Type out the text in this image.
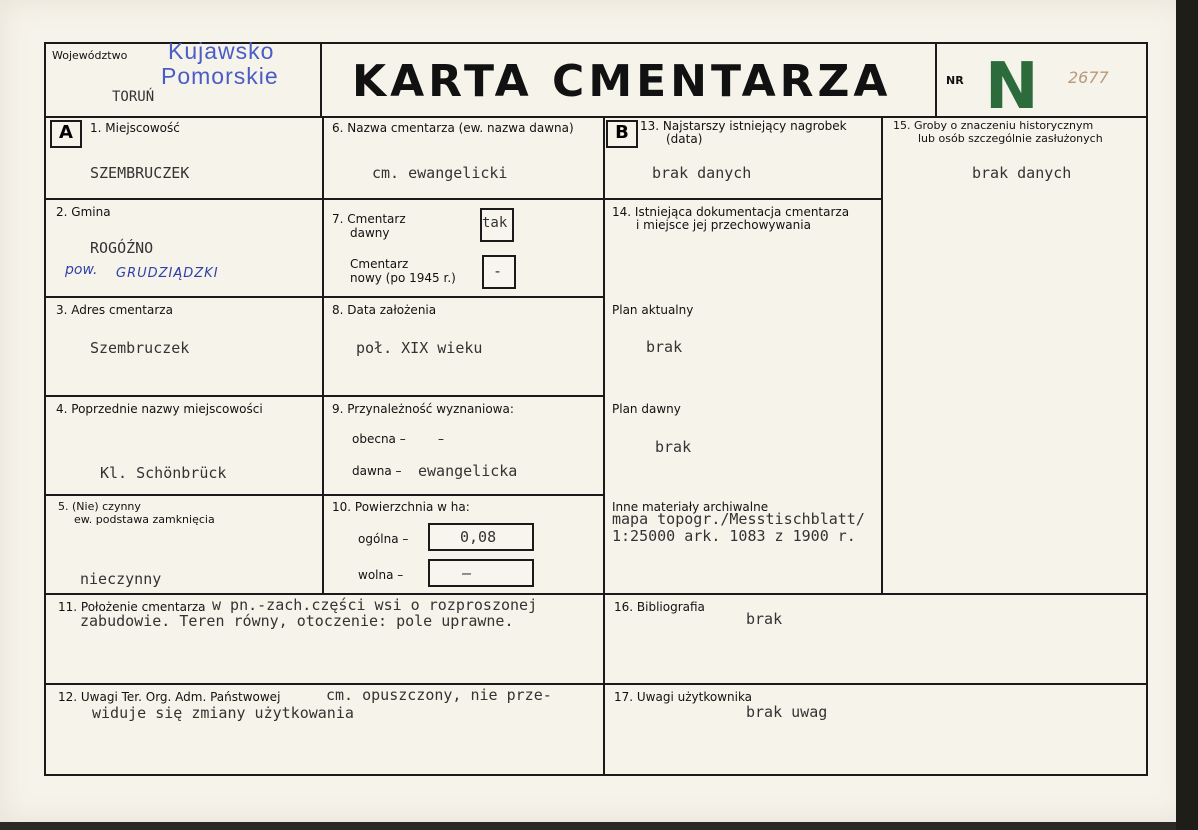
Województwo Kujawsko
Pomorskie
TORUŃ	KARTA CMENTARZA	NR N 2677
A	1. Miejscowość
SZEMBRUCZEK
2. Gmina
ROGÓŹNO
pow. GRUDZIĄDZKI
3. Adres cmentarza
Szembruczek
4. Poprzednie nazwy miejscowości
Kl. Schönbrück
5. (Nie) czynny
ew. podstawa zamknięcia
nieczynny
6. Nazwa cmentarza (ew. nazwa dawna)
cm. ewangelicki
7. Cmentarz
dawny
tak
Cmentarz
nowy (po 1945 r.) -
8. Data założenia
poł. XIX wieku
9. Przynależność wyznaniowa:
obecna –	–
dawna – ewangelicka
10. Powierzchnia w ha:
ogólna –	0,08
wolna –	–
B 13. Najstarszy istniejący nagrobek
(data)
brak danych
14. Istniejąca dokumentacja cmentarza
i miejsce jej przechowywania
Plan aktualny
brak
Plan dawny
brak
Inne materiały archiwalne
mapa topogr./Messtischblatt/
1:25000 ark. 1083 z 1900 r.
15. Groby o znaczeniu historycznym
lub osób szczególnie zasłużonych
brak danych
11. Położenie cmentarza w pn.-zach.części wsi o rozproszonej
zabudowie. Teren równy, otoczenie: pole uprawne.
12. Uwagi Ter. Org. Adm. Państwowej	cm. opuszczony, nie prze-
widuje się zmiany użytkowania
16. Bibliografia
brak
17. Uwagi użytkownika
brak uwag
